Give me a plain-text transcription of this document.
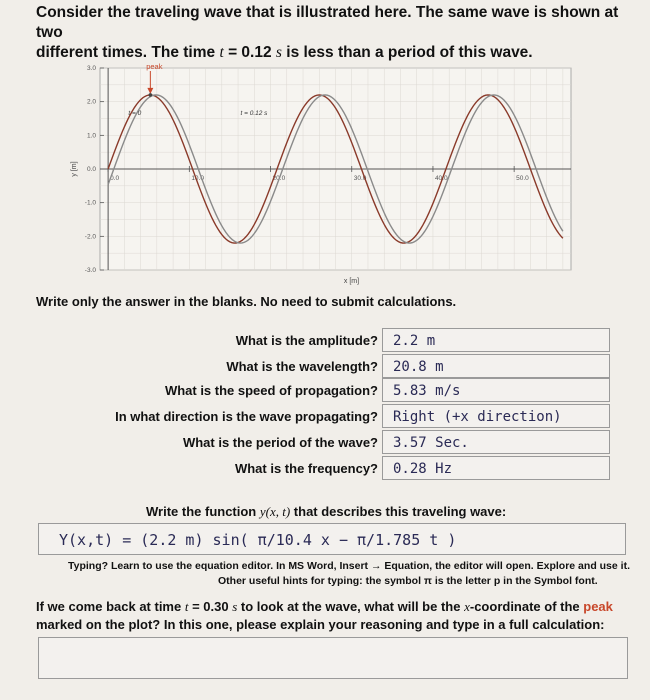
Consider the traveling wave that is illustrated here. The same wave is shown at two
different times. The time t = 0.12 s is less than a period of this wave.
0.0	10.0	20.0	30.0	40.0	50.0
3.0
2.0
1.0
0.0
-1.0
-2.0
-3.0
y [m]
x [m]
peak
t = 0	t = 0.12 s
Write only the answer in the blanks. No need to submit calculations.
What is the amplitude?	2.2 m
What is the wavelength?	20.8 m
What is the speed of propagation?	5.83 m/s
In what direction is the wave propagating?	Right (+x direction)
What is the period of the wave?	3.57 Sec.
What is the frequency?	0.28 Hz
Write the function y(x, t) that describes this traveling wave:
Y(x,t) = (2.2 m) sin( π/10.4 x − π/1.785 t )
Typing? Learn to use the equation editor. In MS Word, Insert → Equation, the editor will open. Explore and use it.
Other useful hints for typing: the symbol π is the letter p in the Symbol font.
If we come back at time t = 0.30 s to look at the wave, what will be the x-coordinate of the peak marked on the plot? In this one, please explain your reasoning and type in a full calculation:
